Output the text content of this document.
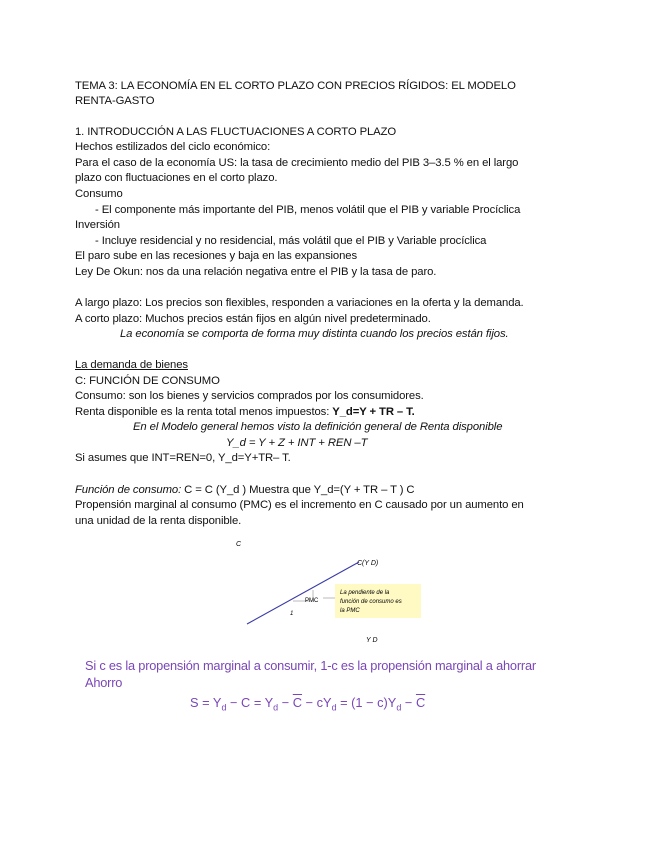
TEMA 3: LA ECONOMÍA EN EL CORTO PLAZO CON PRECIOS RÍGIDOS: EL MODELO
RENTA-GASTO
1. INTRODUCCIÓN A LAS FLUCTUACIONES A CORTO PLAZO
Hechos estilizados del ciclo económico:
Para el caso de la economía US: la tasa de crecimiento medio del PIB 3–3.5 % en el largo
plazo con fluctuaciones en el corto plazo.
Consumo
- El componente más importante del PIB, menos volátil que el PIB y variable Procíclica
Inversión
- Incluye residencial y no residencial, más volátil que el PIB y Variable procíclica
El paro sube en las recesiones y baja en las expansiones
Ley De Okun: nos da una relación negativa entre el PIB y la tasa de paro.
A largo plazo: Los precios son flexibles, responden a variaciones en la oferta y la demanda.
A corto plazo: Muchos precios están fijos en algún nivel predeterminado.
La economía se comporta de forma muy distinta cuando los precios están fijos.
La demanda de bienes
C: FUNCIÓN DE CONSUMO
Consumo: son los bienes y servicios comprados por los consumidores.
Renta disponible es la renta total menos impuestos: Y_d=Y + TR – T.
En el Modelo general hemos visto la definición general de Renta disponible
Y_d = Y + Z + INT + REN –T
Si asumes que INT=REN=0, Y_d=Y+TR– T.
Función de consumo: C = C (Y_d ) Muestra que Y_d=(Y + TR – T ) C
Propensión marginal al consumo (PMC) es el incremento en C causado por un aumento en
una unidad de la renta disponible.
C
C(Y D)
PMC
1
La pendiente de la
función de consumo es
la PMC
Y D
Si c es la propensión marginal a consumir, 1-c es la propensión marginal a ahorrar
Ahorro
$S = Y_d - C = Y_d - \overline{C} - cY_d = (1 - c)Y_d - \overline{C}$
